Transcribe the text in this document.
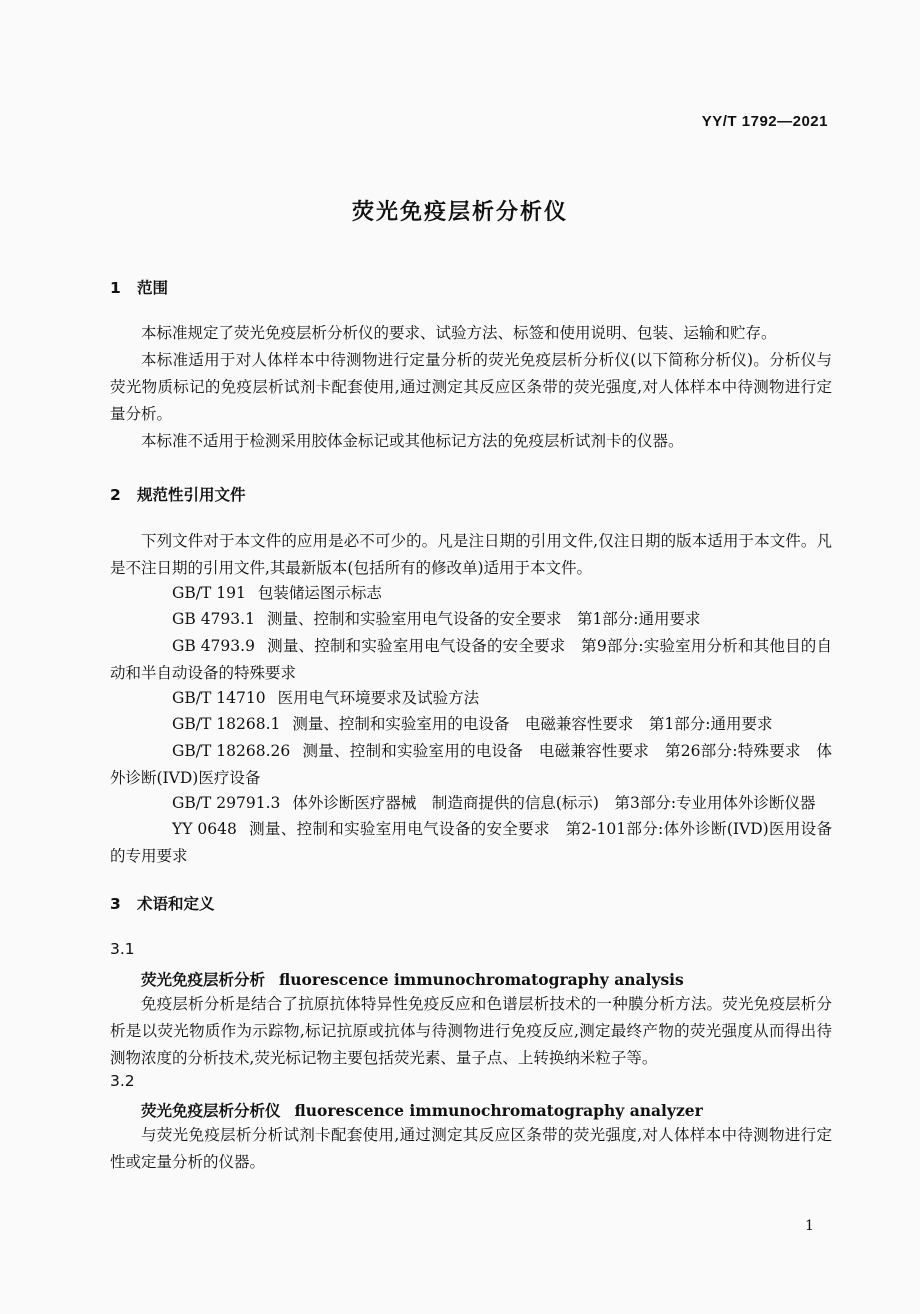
YY/T 1792—2021
荧光免疫层析分析仪
1 范围
本标准规定了荧光免疫层析分析仪的要求、试验方法、标签和使用说明、包装、运输和贮存。
本标准适用于对人体样本中待测物进行定量分析的荧光免疫层析分析仪(以下简称分析仪)。分析仪与荧光物质标记的免疫层析试剂卡配套使用,通过测定其反应区条带的荧光强度,对人体样本中待测物进行定量分析。
本标准不适用于检测采用胶体金标记或其他标记方法的免疫层析试剂卡的仪器。
2 规范性引用文件
下列文件对于本文件的应用是必不可少的。凡是注日期的引用文件,仅注日期的版本适用于本文件。凡是不注日期的引用文件,其最新版本(包括所有的修改单)适用于本文件。
GB/T 191 包装储运图示标志
GB 4793.1 测量、控制和实验室用电气设备的安全要求　第1部分:通用要求
GB 4793.9 测量、控制和实验室用电气设备的安全要求　第9部分:实验室用分析和其他目的自动和半自动设备的特殊要求
GB/T 14710 医用电气环境要求及试验方法
GB/T 18268.1 测量、控制和实验室用的电设备　电磁兼容性要求　第1部分:通用要求
GB/T 18268.26 测量、控制和实验室用的电设备　电磁兼容性要求　第26部分:特殊要求　体外诊断(IVD)医疗设备
GB/T 29791.3 体外诊断医疗器械　制造商提供的信息(标示)　第3部分:专业用体外诊断仪器
YY 0648 测量、控制和实验室用电气设备的安全要求　第2-101部分:体外诊断(IVD)医用设备的专用要求
3 术语和定义
3.1
荧光免疫层析分析 fluorescence immunochromatography analysis
免疫层析分析是结合了抗原抗体特异性免疫反应和色谱层析技术的一种膜分析方法。荧光免疫层析分析是以荧光物质作为示踪物,标记抗原或抗体与待测物进行免疫反应,测定最终产物的荧光强度从而得出待测物浓度的分析技术,荧光标记物主要包括荧光素、量子点、上转换纳米粒子等。
3.2
荧光免疫层析分析仪 fluorescence immunochromatography analyzer
与荧光免疫层析分析试剂卡配套使用,通过测定其反应区条带的荧光强度,对人体样本中待测物进行定性或定量分析的仪器。
1
